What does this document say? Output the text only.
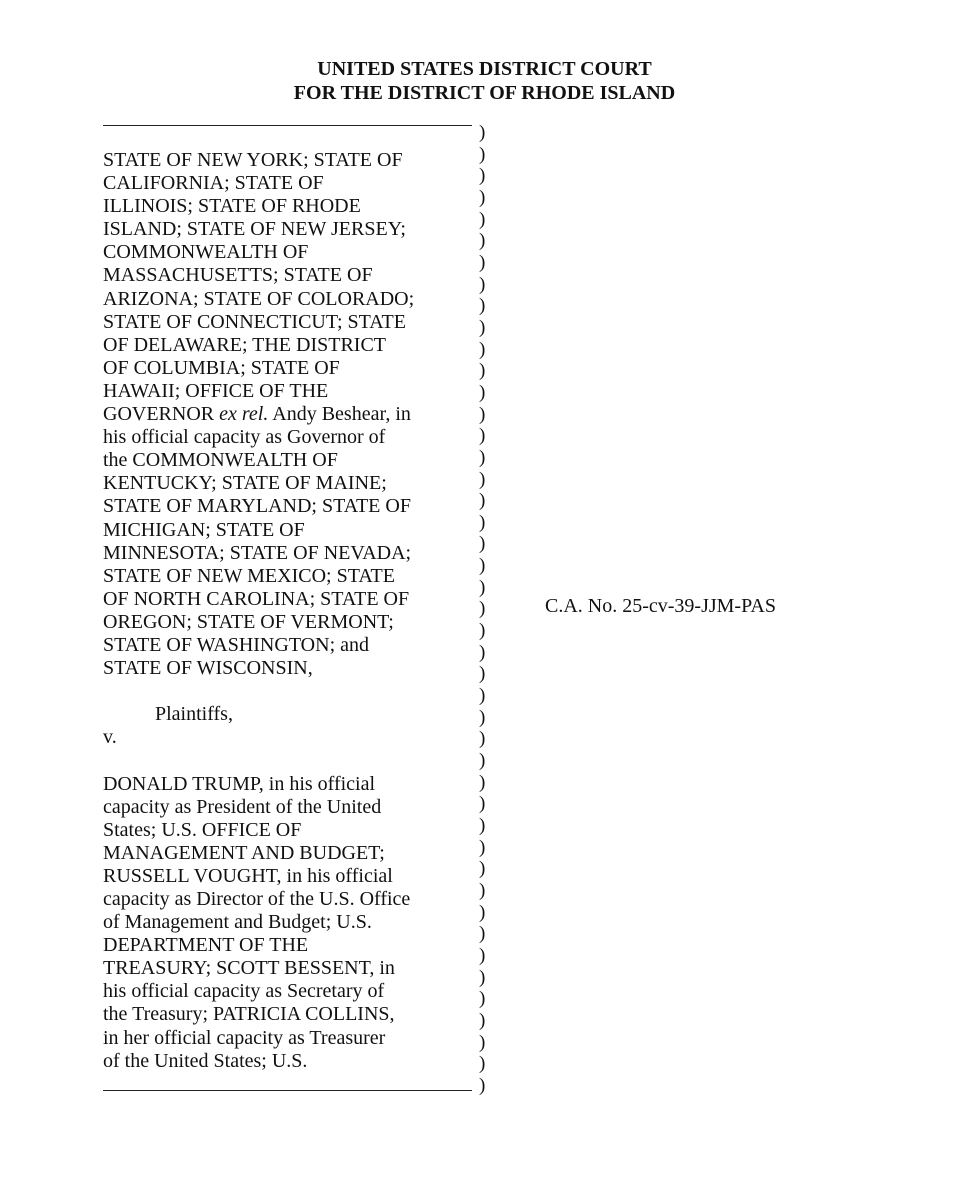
UNITED STATES DISTRICT COURT
FOR THE DISTRICT OF RHODE ISLAND
STATE OF NEW YORK; STATE OF
CALIFORNIA; STATE OF
ILLINOIS; STATE OF RHODE
ISLAND; STATE OF NEW JERSEY;
COMMONWEALTH OF
MASSACHUSETTS; STATE OF
ARIZONA; STATE OF COLORADO;
STATE OF CONNECTICUT; STATE
OF DELAWARE; THE DISTRICT
OF COLUMBIA; STATE OF
HAWAII; OFFICE OF THE
GOVERNOR ex rel. Andy Beshear, in
his official capacity as Governor of
the COMMONWEALTH OF
KENTUCKY; STATE OF MAINE;
STATE OF MARYLAND; STATE OF
MICHIGAN; STATE OF
MINNESOTA; STATE OF NEVADA;
STATE OF NEW MEXICO; STATE
OF NORTH CAROLINA; STATE OF
OREGON; STATE OF VERMONT;
STATE OF WASHINGTON; and
STATE OF WISCONSIN,
Plaintiffs,
v.
DONALD TRUMP, in his official
capacity as President of the United
States; U.S. OFFICE OF
MANAGEMENT AND BUDGET;
RUSSELL VOUGHT, in his official
capacity as Director of the U.S. Office
of Management and Budget; U.S.
DEPARTMENT OF THE
TREASURY; SCOTT BESSENT, in
his official capacity as Secretary of
the Treasury; PATRICIA COLLINS,
in her official capacity as Treasurer
of the United States; U.S.
)
)
)
)
)
)
)
)
)
)
)
)
)
)
)
)
)
)
)
)
)
)
)
)
)
)
)
)
)
)
)
)
)
)
)
)
)
)
)
)
)
)
)
)
)
C.A. No. 25-cv-39-JJM-PAS
